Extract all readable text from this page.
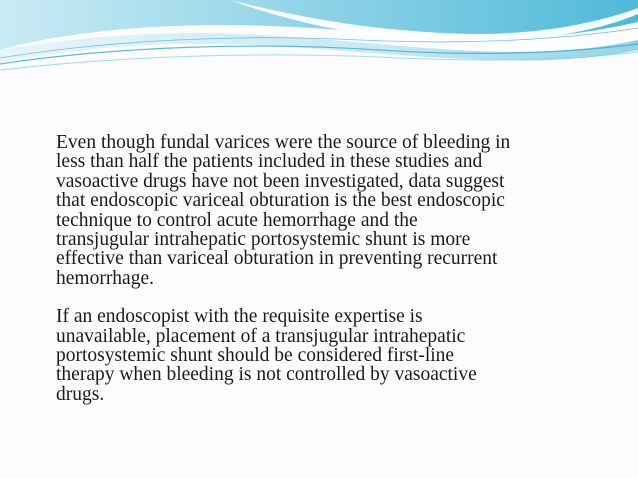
Even though fundal varices were the source of bleeding in
less than half the patients included in these studies and
vasoactive drugs have not been investigated, data suggest
that endoscopic variceal obturation is the best endoscopic
technique to control acute hemorrhage and the
transjugular intrahepatic portosystemic shunt is more
effective than variceal obturation in preventing recurrent
hemorrhage.

If an endoscopist with the requisite expertise is
unavailable, placement of a transjugular intrahepatic
portosystemic shunt should be considered first-line
therapy when bleeding is not controlled by vasoactive
drugs.
